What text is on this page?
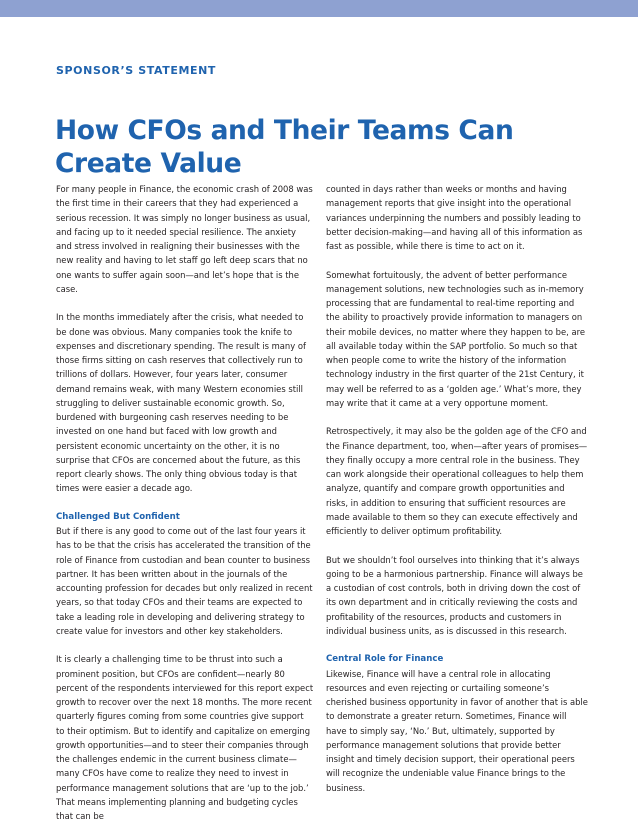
SPONSOR’S STATEMENT
How CFOs and Their Teams Can Create Value

For many people in Finance, the economic crash of 2008 was the first time in their careers that they had experienced a serious recession. It was simply no longer business as usual, and facing up to it needed special resilience. The anxiety and stress involved in realigning their businesses with the new reality and having to let staff go left deep scars that no one wants to suffer again soon—and let’s hope that is the case.

In the months immediately after the crisis, what needed to be done was obvious. Many companies took the knife to expenses and discretionary spending. The result is many of those firms sitting on cash reserves that collectively run to trillions of dollars. However, four years later, consumer demand remains weak, with many Western economies still struggling to deliver sustainable economic growth. So, burdened with burgeoning cash reserves needing to be invested on one hand but faced with low growth and persistent economic uncertainty on the other, it is no surprise that CFOs are concerned about the future, as this report clearly shows. The only thing obvious today is that times were easier a decade ago.

Challenged But Confident

But if there is any good to come out of the last four years it has to be that the crisis has accelerated the transition of the role of Finance from custodian and bean counter to business partner. It has been written about in the journals of the accounting profession for decades but only realized in recent years, so that today CFOs and their teams are expected to take a leading role in developing and delivering strategy to create value for investors and other key stakeholders.

It is clearly a challenging time to be thrust into such a prominent position, but CFOs are confident—nearly 80 percent of the respondents interviewed for this report expect growth to recover over the next 18 months. The more recent quarterly figures coming from some countries give support to their optimism. But to identify and capitalize on emerging growth opportunities—and to steer their companies through the challenges endemic in the current business climate—many CFOs have come to realize they need to invest in performance management solutions that are ‘up to the job.’ That means implementing planning and budgeting cycles that can be

counted in days rather than weeks or months and having management reports that give insight into the operational variances underpinning the numbers and possibly leading to better decision-making—and having all of this information as fast as possible, while there is time to act on it.

Somewhat fortuitously, the advent of better performance management solutions, new technologies such as in-memory processing that are fundamental to real-time reporting and the ability to proactively provide information to managers on their mobile devices, no matter where they happen to be, are all available today within the SAP portfolio. So much so that when people come to write the history of the information technology industry in the first quarter of the 21st Century, it may well be referred to as a ‘golden age.’ What’s more, they may write that it came at a very opportune moment.

Retrospectively, it may also be the golden age of the CFO and the Finance department, too, when—after years of promises—they finally occupy a more central role in the business. They can work alongside their operational colleagues to help them analyze, quantify and compare growth opportunities and risks, in addition to ensuring that sufficient resources are made available to them so they can execute effectively and efficiently to deliver optimum profitability.

But we shouldn’t fool ourselves into thinking that it’s always going to be a harmonious partnership. Finance will always be a custodian of cost controls, both in driving down the cost of its own department and in critically reviewing the costs and profitability of the resources, products and customers in individual business units, as is discussed in this research.

Central Role for Finance

Likewise, Finance will have a central role in allocating resources and even rejecting or curtailing someone’s cherished business opportunity in favor of another that is able to demonstrate a greater return. Sometimes, Finance will have to simply say, ‘No.’ But, ultimately, supported by performance management solutions that provide better insight and timely decision support, their operational peers will recognize the undeniable value Finance brings to the business.
